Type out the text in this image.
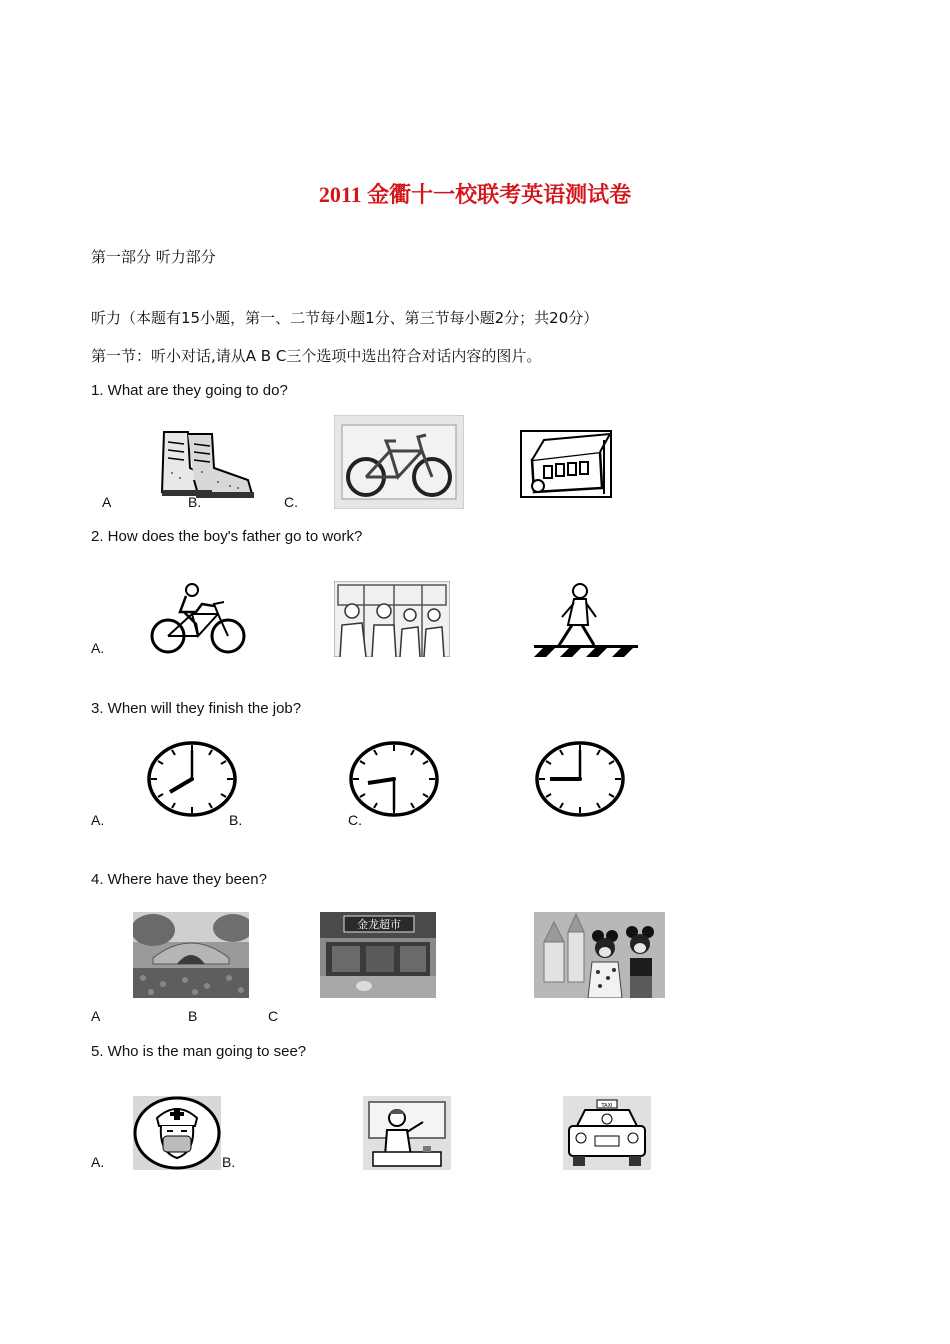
2011 金衢十一校联考英语测试卷
第一部分 听力部分
听力（本题有15小题，第一、二节每小题1分、第三节每小题2分；共20分）
第一节：听小对话,请从A B C三个选项中选出符合对话内容的图片。
1. What are they going to do?
A	B.	C.
2. How does the boy's father go to work?
A.
3. When will they finish the job?
A.	B.	C.
4. Where have they been?
金龙超市
A	B	C
5. Who is the man going to see?
TAXI
A.	B.
